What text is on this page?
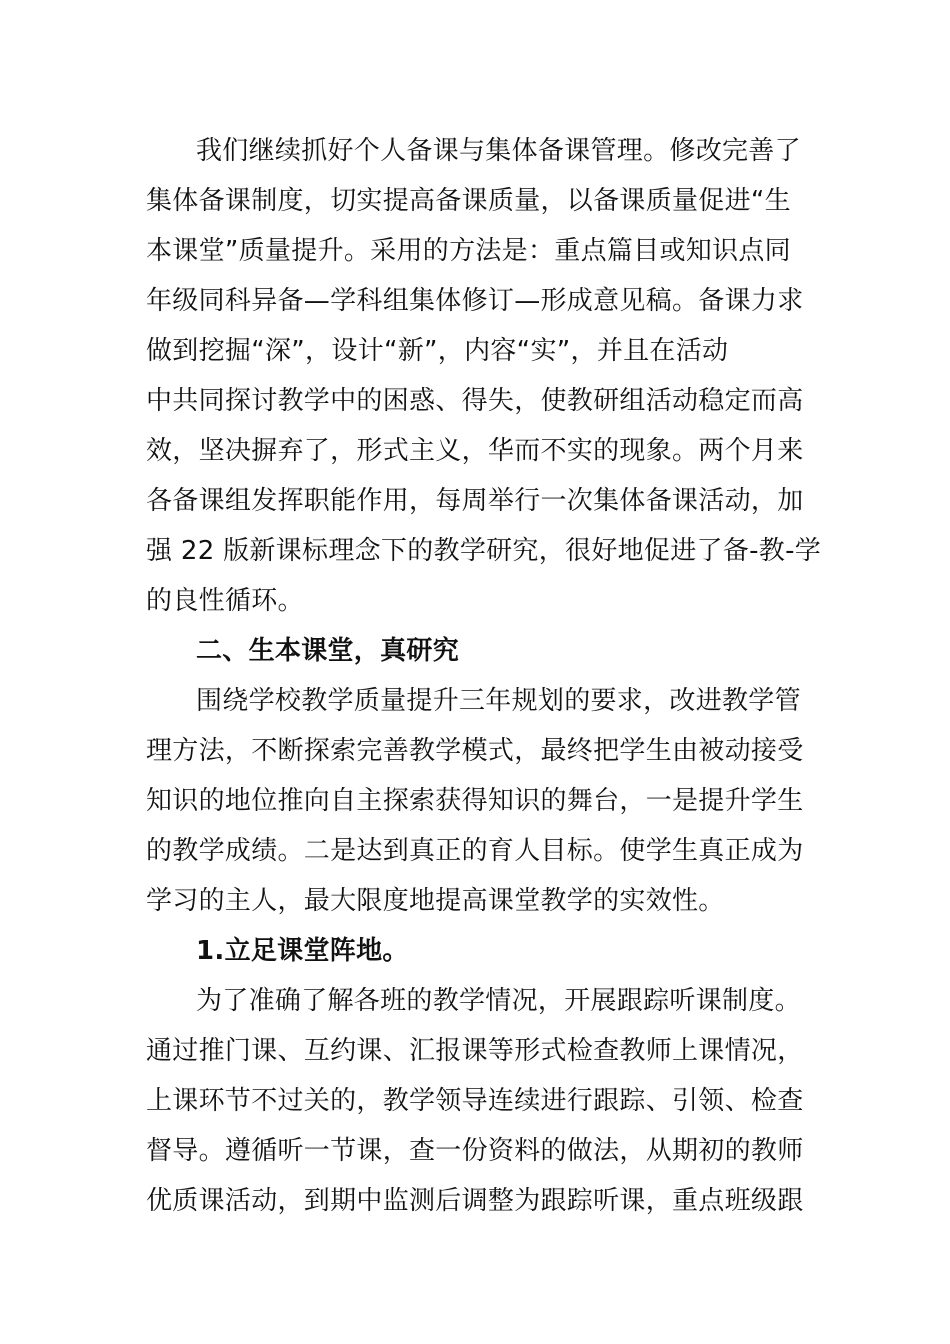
我们继续抓好个人备课与集体备课管理。修改完善了
集体备课制度，切实提高备课质量，以备课质量促进“生
本课堂”质量提升。采用的方法是：重点篇目或知识点同
年级同科异备—学科组集体修订—形成意见稿。备课力求
做到挖掘“深”，设计“新”，内容“实”，并且在活动
中共同探讨教学中的困惑、得失，使教研组活动稳定而高
效，坚决摒弃了，形式主义，华而不实的现象。两个月来
各备课组发挥职能作用，每周举行一次集体备课活动，加
强 22 版新课标理念下的教学研究，很好地促进了备-教-学
的良性循环。
二、生本课堂，真研究
围绕学校教学质量提升三年规划的要求，改进教学管
理方法，不断探索完善教学模式，最终把学生由被动接受
知识的地位推向自主探索获得知识的舞台，一是提升学生
的教学成绩。二是达到真正的育人目标。使学生真正成为
学习的主人，最大限度地提高课堂教学的实效性。
1.立足课堂阵地。
为了准确了解各班的教学情况，开展跟踪听课制度。
通过推门课、互约课、汇报课等形式检查教师上课情况，
上课环节不过关的，教学领导连续进行跟踪、引领、检查
督导。遵循听一节课，查一份资料的做法，从期初的教师
优质课活动，到期中监测后调整为跟踪听课，重点班级跟
